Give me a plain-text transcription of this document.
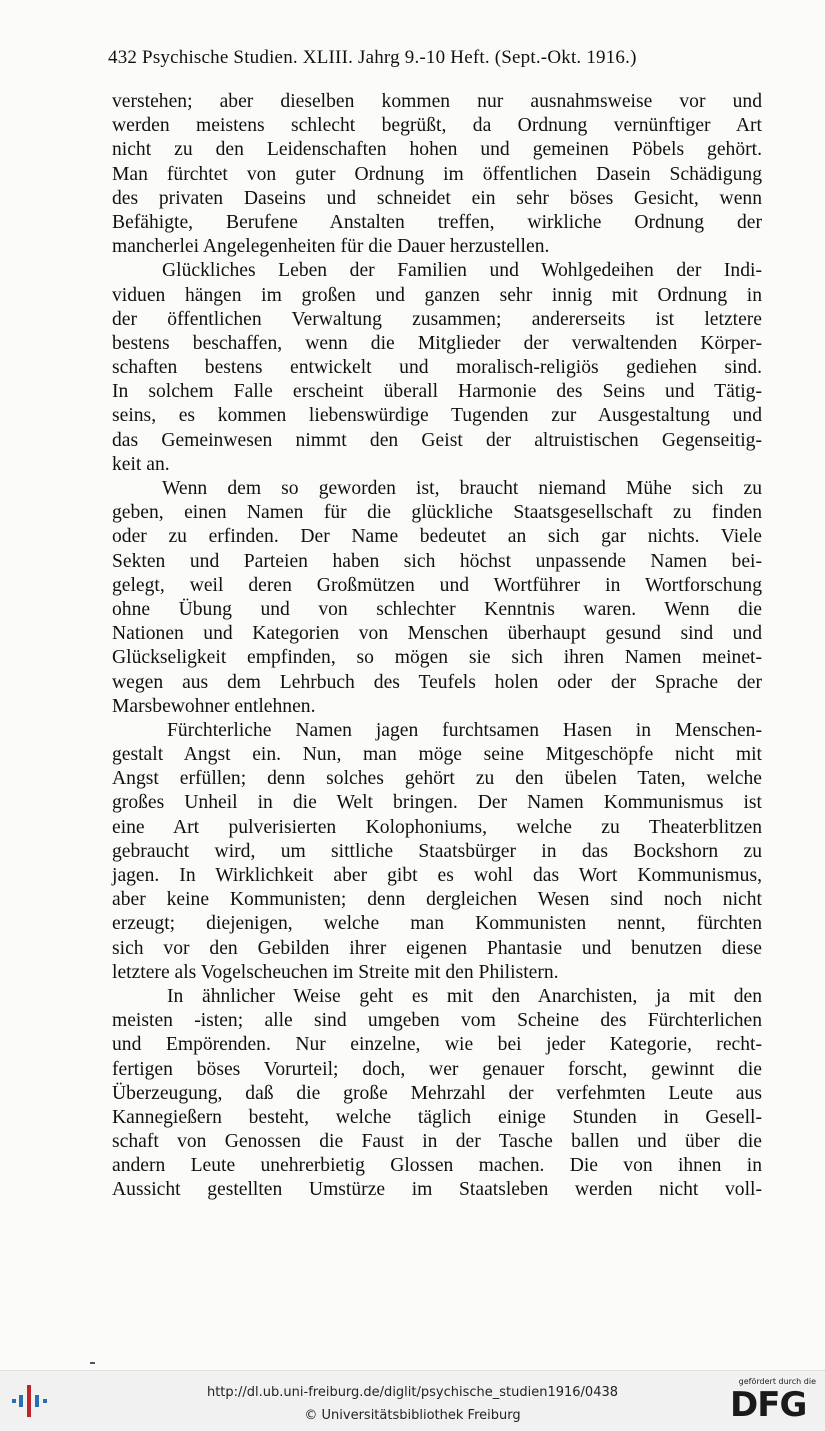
432 Psychische Studien. XLIII. Jahrg 9.-10 Heft. (Sept.-Okt. 1916.)
verstehen; aber dieselben kommen nur ausnahmsweise vor und
werden meistens schlecht begrüßt, da Ordnung vernünftiger Art
nicht zu den Leidenschaften hohen und gemeinen Pöbels gehört.
Man fürchtet von guter Ordnung im öffentlichen Dasein Schädigung
des privaten Daseins und schneidet ein sehr böses Gesicht, wenn
Befähigte, Berufene Anstalten treffen, wirkliche Ordnung der
mancherlei Angelegenheiten für die Dauer herzustellen.
Glückliches Leben der Familien und Wohlgedeihen der Indi-
viduen hängen im großen und ganzen sehr innig mit Ordnung in
der öffentlichen Verwaltung zusammen; andererseits ist letztere
bestens beschaffen, wenn die Mitglieder der verwaltenden Körper-
schaften bestens entwickelt und moralisch-religiös gediehen sind.
In solchem Falle erscheint überall Harmonie des Seins und Tätig-
seins, es kommen liebenswürdige Tugenden zur Ausgestaltung und
das Gemeinwesen nimmt den Geist der altruistischen Gegenseitig-
keit an.
Wenn dem so geworden ist, braucht niemand Mühe sich zu
geben, einen Namen für die glückliche Staatsgesellschaft zu finden
oder zu erfinden. Der Name bedeutet an sich gar nichts. Viele
Sekten und Parteien haben sich höchst unpassende Namen bei-
gelegt, weil deren Großmützen und Wortführer in Wortforschung
ohne Übung und von schlechter Kenntnis waren. Wenn die
Nationen und Kategorien von Menschen überhaupt gesund sind und
Glückseligkeit empfinden, so mögen sie sich ihren Namen meinet-
wegen aus dem Lehrbuch des Teufels holen oder der Sprache der
Marsbewohner entlehnen.
Fürchterliche Namen jagen furchtsamen Hasen in Menschen-
gestalt Angst ein. Nun, man möge seine Mitgeschöpfe nicht mit
Angst erfüllen; denn solches gehört zu den übelen Taten, welche
großes Unheil in die Welt bringen. Der Namen Kommunismus ist
eine Art pulverisierten Kolophoniums, welche zu Theaterblitzen
gebraucht wird, um sittliche Staatsbürger in das Bockshorn zu
jagen. In Wirklichkeit aber gibt es wohl das Wort Kommunismus,
aber keine Kommunisten; denn dergleichen Wesen sind noch nicht
erzeugt; diejenigen, welche man Kommunisten nennt, fürchten
sich vor den Gebilden ihrer eigenen Phantasie und benutzen diese
letztere als Vogelscheuchen im Streite mit den Philistern.
In ähnlicher Weise geht es mit den Anarchisten, ja mit den
meisten -isten; alle sind umgeben vom Scheine des Fürchterlichen
und Empörenden. Nur einzelne, wie bei jeder Kategorie, recht-
fertigen böses Vorurteil; doch, wer genauer forscht, gewinnt die
Überzeugung, daß die große Mehrzahl der verfehmten Leute aus
Kannegießern besteht, welche täglich einige Stunden in Gesell-
schaft von Genossen die Faust in der Tasche ballen und über die
andern Leute unehrerbietig Glossen machen. Die von ihnen in
Aussicht gestellten Umstürze im Staatsleben werden nicht voll-
http://dl.ub.uni-freiburg.de/diglit/psychische_studien1916/0438
© Universitätsbibliothek Freiburg
gefördert durch die
DFG
